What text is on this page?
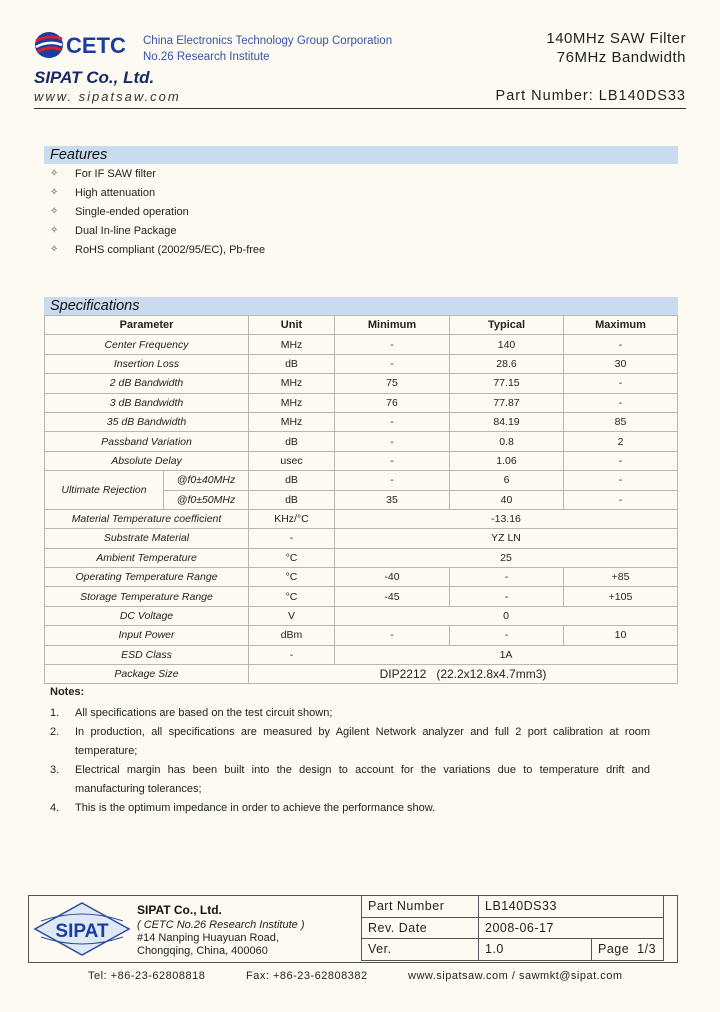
CETC China Electronics Technology Group Corporation
No.26 Research Institute
SIPAT Co., Ltd.
www. sipatsaw.com
140MHz SAW Filter
76MHz Bandwidth
Part Number: LB140DS33
Features
✧ For IF SAW filter
✧ High attenuation
✧ Single-ended operation
✧ Dual In-line Package
✧ RoHS compliant (2002/95/EC), Pb-free
Specifications
Parameter		Unit	Minimum	Typical	Maximum
Center Frequency		MHz	-	140	-
Insertion Loss		dB	-	28.6	30
2 dB Bandwidth		MHz	75	77.15	-
3 dB Bandwidth		MHz	76	77.87	-
35 dB Bandwidth		MHz	-	84.19	85
Passband Variation		dB	-	0.8	2
Absolute Delay		usec	-	1.06	-
Ultimate Rejection	@f0±40MHz	dB	-	6	-
	@f0±50MHz	dB	35	40	-
Material Temperature coefficient		KHz/°C	-13.16		
Substrate Material		-	YZ LN		
Ambient Temperature		°C	25		
Operating Temperature Range		°C	-40	-	+85
Storage Temperature Range		°C	-45	-	+105
DC Voltage		V	0		
Input Power		dBm	-	-	10
ESD Class		-	1A		
Package Size		DIP2212 (22.2x12.8x4.7mm3)			
Notes:
1. All specifications are based on the test circuit shown;
2. In production, all specifications are measured by Agilent Network analyzer and full 2 port calibration at room temperature;
3. Electrical margin has been built into the design to account for the variations due to temperature drift and manufacturing tolerances;
4. This is the optimum impedance in order to achieve the performance show.
SIPAT
SIPAT Co., Ltd.
( CETC No.26 Research Institute )
#14 Nanping Huayuan Road,
Chongqing, China, 400060
Part Number	LB140DS33	
Rev. Date	2008-06-17	
Ver.	1.0	Page 1/3
Tel: +86-23-62808818	Fax: +86-23-62808382	www.sipatsaw.com / sawmkt@sipat.com
